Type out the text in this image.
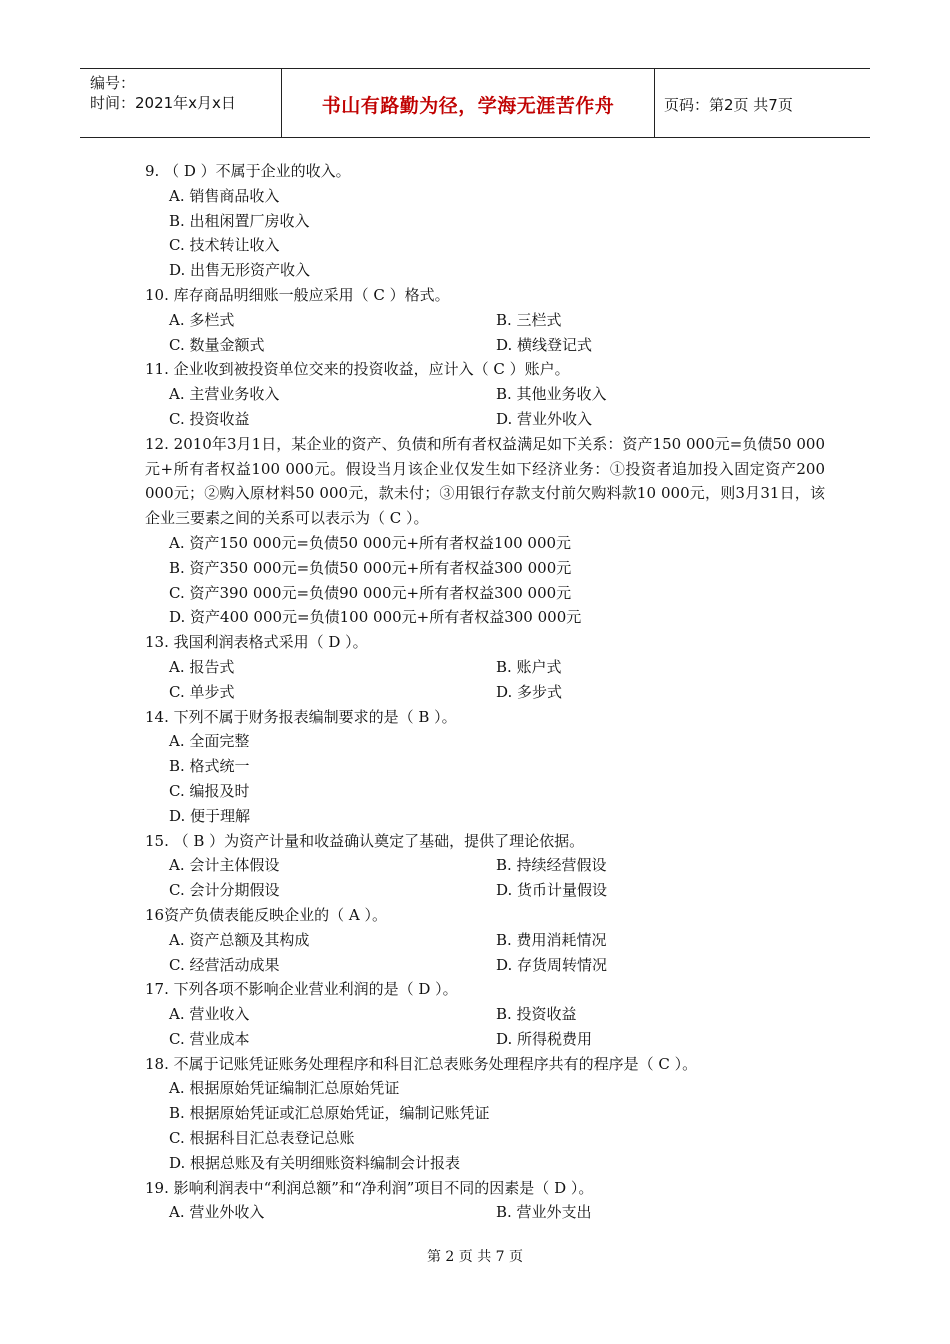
编号：
时间：2021年x月x日	书山有路勤为径，学海无涯苦作舟	页码：第2页 共7页

9. （ D ）不属于企业的收入。

A. 销售商品收入

B. 出租闲置厂房收入

C. 技术转让收入

D. 出售无形资产收入

10. 库存商品明细账一般应采用（ C ）格式。

A. 多栏式	B. 三栏式
C. 数量金额式	D. 横线登记式

11. 企业收到被投资单位交来的投资收益，应计入（ C ）账户。

A. 主营业务收入	B. 其他业务收入
C. 投资收益	D. 营业外收入

12. 2010年3月1日，某企业的资产、负债和所有者权益满足如下关系：资产150 000元=负债50 000元+所有者权益100 000元。假设当月该企业仅发生如下经济业务：①投资者追加投入固定资产200 000元；②购入原材料50 000元，款未付；③用银行存款支付前欠购料款10 000元，则3月31日，该企业三要素之间的关系可以表示为（ C ）。

A. 资产150 000元=负债50 000元+所有者权益100 000元

B. 资产350 000元=负债50 000元+所有者权益300 000元

C. 资产390 000元=负债90 000元+所有者权益300 000元

D. 资产400 000元=负债100 000元+所有者权益300 000元

13. 我国利润表格式采用（ D ）。

A. 报告式	B. 账户式
C. 单步式	D. 多步式

14. 下列不属于财务报表编制要求的是（ B ）。

A. 全面完整

B. 格式统一

C. 编报及时

D. 便于理解

15. （ B ）为资产计量和收益确认奠定了基础，提供了理论依据。

A. 会计主体假设	B. 持续经营假设
C. 会计分期假设	D. 货币计量假设

16资产负债表能反映企业的（ A ）。

A. 资产总额及其构成	B. 费用消耗情况
C. 经营活动成果	D. 存货周转情况

17. 下列各项不影响企业营业利润的是（ D ）。

A. 营业收入	B. 投资收益
C. 营业成本	D. 所得税费用

18. 不属于记账凭证账务处理程序和科目汇总表账务处理程序共有的程序是（ C ）。

A. 根据原始凭证编制汇总原始凭证

B. 根据原始凭证或汇总原始凭证，编制记账凭证

C. 根据科目汇总表登记总账

D. 根据总账及有关明细账资料编制会计报表

19. 影响利润表中“利润总额”和“净利润”项目不同的因素是（ D ）。

A. 营业外收入	B. 营业外支出
第 2 页 共 7 页
